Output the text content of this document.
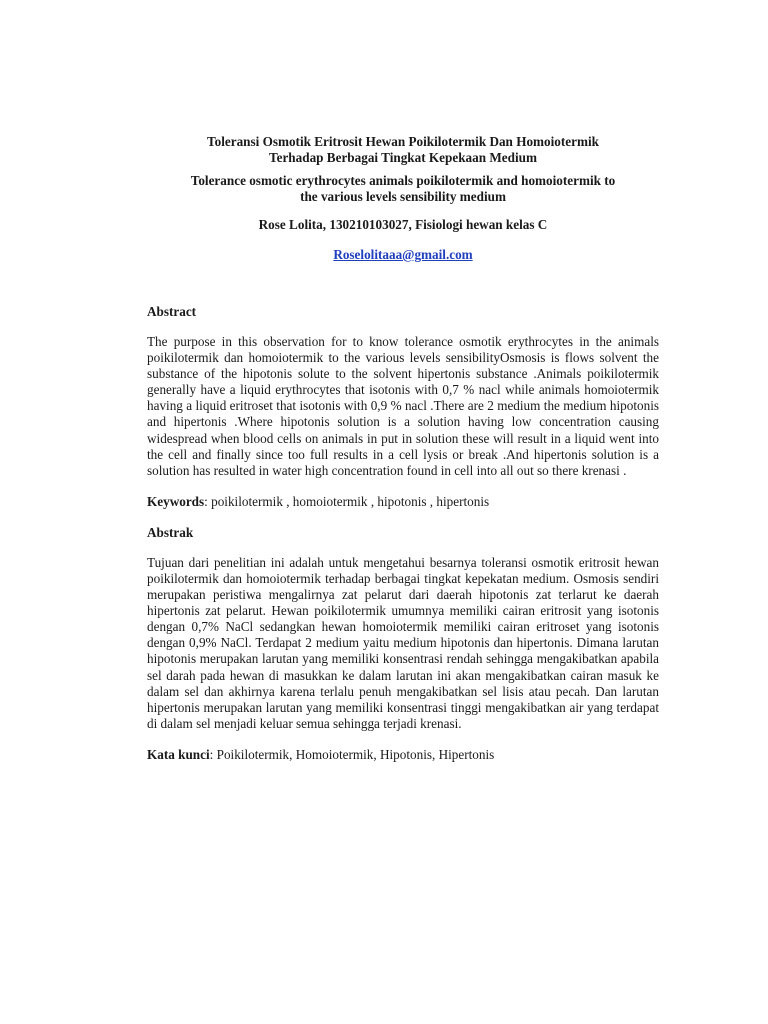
Toleransi Osmotik Eritrosit Hewan Poikilotermik Dan Homoiotermik
Terhadap Berbagai Tingkat Kepekaan Medium
Tolerance osmotic erythrocytes animals poikilotermik and homoiotermik to
the various levels sensibility medium
Rose Lolita, 130210103027, Fisiologi hewan kelas C
Roselolitaaa@gmail.com
Abstract
The purpose in this observation for to know tolerance osmotik erythrocytes in the animals poikilotermik dan homoiotermik to the various levels sensibilityOsmosis is flows solvent the substance of the hipotonis solute to the solvent hipertonis substance .Animals poikilotermik generally have a liquid erythrocytes that isotonis with 0,7 % nacl while animals homoiotermik having a liquid eritroset that isotonis with 0,9 % nacl .There are 2 medium the medium hipotonis and hipertonis .Where hipotonis solution is a solution having low concentration causing widespread when blood cells on animals in put in solution these will result in a liquid went into the cell and finally since too full results in a cell lysis or break .And hipertonis solution is a solution has resulted in water high concentration found in cell into all out so there krenasi .
Keywords: poikilotermik , homoiotermik , hipotonis , hipertonis
Abstrak
Tujuan dari penelitian ini adalah untuk mengetahui besarnya toleransi osmotik eritrosit hewan poikilotermik dan homoiotermik terhadap berbagai tingkat kepekatan medium. Osmosis sendiri merupakan peristiwa mengalirnya zat pelarut dari daerah hipotonis zat terlarut ke daerah hipertonis zat pelarut. Hewan poikilotermik umumnya memiliki cairan eritrosit yang isotonis dengan 0,7% NaCl sedangkan hewan homoiotermik memiliki cairan eritroset yang isotonis dengan 0,9% NaCl. Terdapat 2 medium yaitu medium hipotonis dan hipertonis. Dimana larutan hipotonis merupakan larutan yang memiliki konsentrasi rendah sehingga mengakibatkan apabila sel darah pada hewan di masukkan ke dalam larutan ini akan mengakibatkan cairan masuk ke dalam sel dan akhirnya karena terlalu penuh mengakibatkan sel lisis atau pecah. Dan larutan hipertonis merupakan larutan yang memiliki konsentrasi tinggi mengakibatkan air yang terdapat di dalam sel menjadi keluar semua sehingga terjadi krenasi.
Kata kunci: Poikilotermik, Homoiotermik, Hipotonis, Hipertonis
